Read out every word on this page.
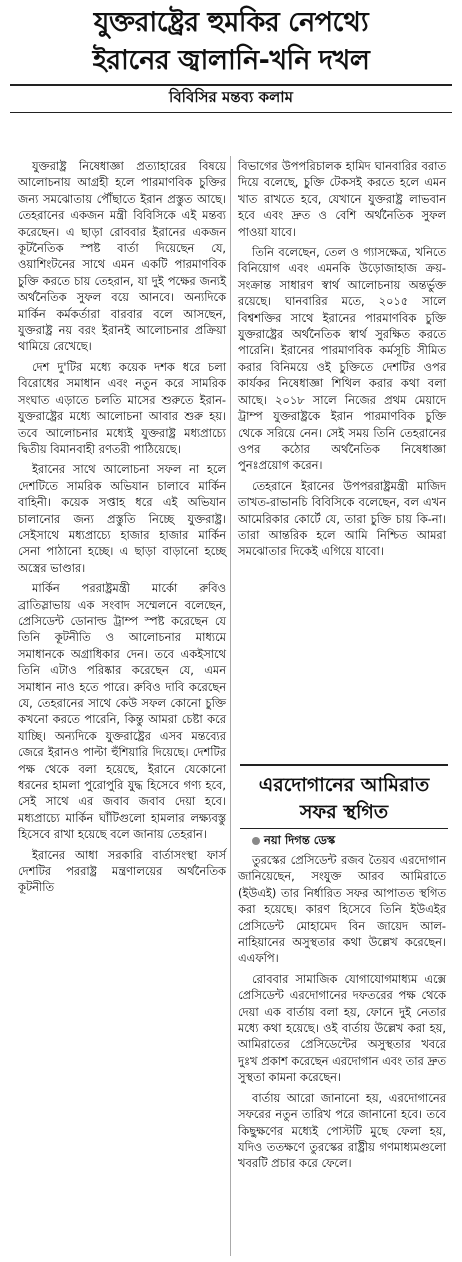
যুক্তরাষ্ট্রের হুমকির নেপথ্যে
ইরানের জ্বালানি-খনি দখল
বিবিসির মন্তব্য কলাম

যুক্তরাষ্ট্র নিষেধাজ্ঞা প্রত্যাহারের বিষয়ে আলোচনায় আগ্রহী হলে পারমাণবিক চুক্তির জন্য সমঝোতায় পৌঁছাতে ইরান প্রস্তুত আছে। তেহরানের একজন মন্ত্রী বিবিসিকে এই মন্তব্য করেছেন। এ ছাড়া রোববার ইরানের একজন কূটনৈতিক স্পষ্ট বার্তা দিয়েছেন যে, ওয়াশিংটনের সাথে এমন একটি পারমাণবিক চুক্তি করতে চায় তেহরান, যা দুই পক্ষের জন্যই অর্থনৈতিক সুফল বয়ে আনবে। অন্যদিকে মার্কিন কর্মকর্তারা বারবার বলে আসছেন, যুক্তরাষ্ট্র নয় বরং ইরানই আলোচনার প্রক্রিয়া থামিয়ে রেখেছে।

দেশ দু'টির মধ্যে কয়েক দশক ধরে চলা বিরোধের সমাধান এবং নতুন করে সামরিক সংঘাত এড়াতে চলতি মাসের শুরুতে ইরান-যুক্তরাষ্ট্রের মধ্যে আলোচনা আবার শুরু হয়। তবে আলোচনার মধ্যেই যুক্তরাষ্ট্র মধ্যপ্রাচ্যে দ্বিতীয় বিমানবাহী রণতরী পাঠিয়েছে।

ইরানের সাথে আলোচনা সফল না হলে দেশটিতে সামরিক অভিযান চালাবে মার্কিন বাহিনী। কয়েক সপ্তাহ ধরে এই অভিযান চালানোর জন্য প্রস্তুতি নিচ্ছে যুক্তরাষ্ট্র। সেইসাথে মধ্যপ্রাচ্যে হাজার হাজার মার্কিন সেনা পাঠানো হচ্ছে। এ ছাড়া বাড়ানো হচ্ছে অস্ত্রের ভাণ্ডার।

মার্কিন পররাষ্ট্রমন্ত্রী মার্কো রুবিও ব্রাতিস্লাভায় এক সংবাদ সম্মেলনে বলেছেন, প্রেসিডেন্ট ডোনাল্ড ট্রাম্প স্পষ্ট করেছেন যে তিনি কূটনীতি ও আলোচনার মাধ্যমে সমাধানকে অগ্রাধিকার দেন। তবে একইসাথে তিনি এটাও পরিষ্কার করেছেন যে, এমন সমাধান নাও হতে পারে। রুবিও দাবি করেছেন যে, তেহরানের সাথে কেউ সফল কোনো চুক্তি কখনো করতে পারেনি, কিন্তু আমরা চেষ্টা করে যাচ্ছি। অন্যদিকে যুক্তরাষ্ট্রের এসব মন্তব্যের জেরে ইরানও পাল্টা হুঁশিয়ারি দিয়েছে। দেশটির পক্ষ থেকে বলা হয়েছে, ইরানে যেকোনো ধরনের হামলা পুরোপুরি যুদ্ধ হিসেবে গণ্য হবে, সেই সাথে এর জবাব জবাব দেয়া হবে। মধ্যপ্রাচ্যে মার্কিন ঘাঁটিগুলো হামলার লক্ষ্যবস্তু হিসেবে রাখা হয়েছে বলে জানায় তেহরান।

ইরানের আধা সরকারি বার্তাসংস্থা ফার্স দেশটির পররাষ্ট্র মন্ত্রণালয়ের অর্থনৈতিক কূটনীতি

বিভাগের উপপরিচালক হামিদ ঘানবারির বরাত দিয়ে বলেছে, চুক্তি টেকসই করতে হলে এমন খাত রাখতে হবে, যেখানে যুক্তরাষ্ট্র লাভবান হবে এবং দ্রুত ও বেশি অর্থনৈতিক সুফল পাওয়া যাবে।

তিনি বলেছেন, তেল ও গ্যাসক্ষেত্র, খনিতে বিনিয়োগ এবং এমনকি উড়োজাহাজ ক্রয়-সংক্রান্ত সাধারণ স্বার্থ আলোচনায় অন্তর্ভুক্ত রয়েছে। ঘানবারির মতে, ২০১৫ সালে বিশ্বশক্তির সাথে ইরানের পারমাণবিক চুক্তি যুক্তরাষ্ট্রের অর্থনৈতিক স্বার্থ সুরক্ষিত করতে পারেনি। ইরানের পারমাণবিক কর্মসূচি সীমিত করার বিনিময়ে ওই চুক্তিতে দেশটির ওপর কার্যকর নিষেধাজ্ঞা শিথিল করার কথা বলা আছে। ২০১৮ সালে নিজের প্রথম মেয়াদে ট্রাম্প যুক্তরাষ্ট্রকে ইরান পারমাণবিক চুক্তি থেকে সরিয়ে নেন। সেই সময় তিনি তেহরানের ওপর কঠোর অর্থনৈতিক নিষেধাজ্ঞা পুনঃপ্রয়োগ করেন।

তেহরানে ইরানের উপপররাষ্ট্রমন্ত্রী মাজিদ তাখত-রাভানচি বিবিসিকে বলেছেন, বল এখন আমেরিকার কোর্টে যে, তারা চুক্তি চায় কি-না। তারা আন্তরিক হলে আমি নিশ্চিত আমরা সমঝোতার দিকেই এগিয়ে যাবো।

এরদোগানের আমিরাত সফর স্থগিত
নয়া দিগন্ত ডেস্ক

তুরস্কের প্রেসিডেন্ট রজব তৈয়ব এরদোগান জানিয়েছেন, সংযুক্ত আরব আমিরাতে (ইউএই) তার নির্ধারিত সফর আপাতত স্থগিত করা হয়েছে। কারণ হিসেবে তিনি ইউএইর প্রেসিডেন্ট মোহামেদ বিন জায়েদ আল-নাহিয়ানের অসুস্থতার কথা উল্লেখ করেছেন। এএফপি।

রোববার সামাজিক যোগাযোগমাধ্যম এক্সে প্রেসিডেন্ট এরদোগানের দফতরের পক্ষ থেকে দেয়া এক বার্তায় বলা হয়, ফোনে দুই নেতার মধ্যে কথা হয়েছে। ওই বার্তায় উল্লেখ করা হয়, আমিরাতের প্রেসিডেন্টের অসুস্থতার খবরে দুঃখ প্রকাশ করেছেন এরদোগান এবং তার দ্রুত সুস্থতা কামনা করেছেন।

বার্তায় আরো জানানো হয়, এরদোগানের সফরের নতুন তারিখ পরে জানানো হবে। তবে কিছুক্ষণের মধ্যেই পোস্টটি মুছে ফেলা হয়, যদিও ততক্ষণে তুরস্কের রাষ্ট্রীয় গণমাধ্যমগুলো খবরটি প্রচার করে ফেলে।
